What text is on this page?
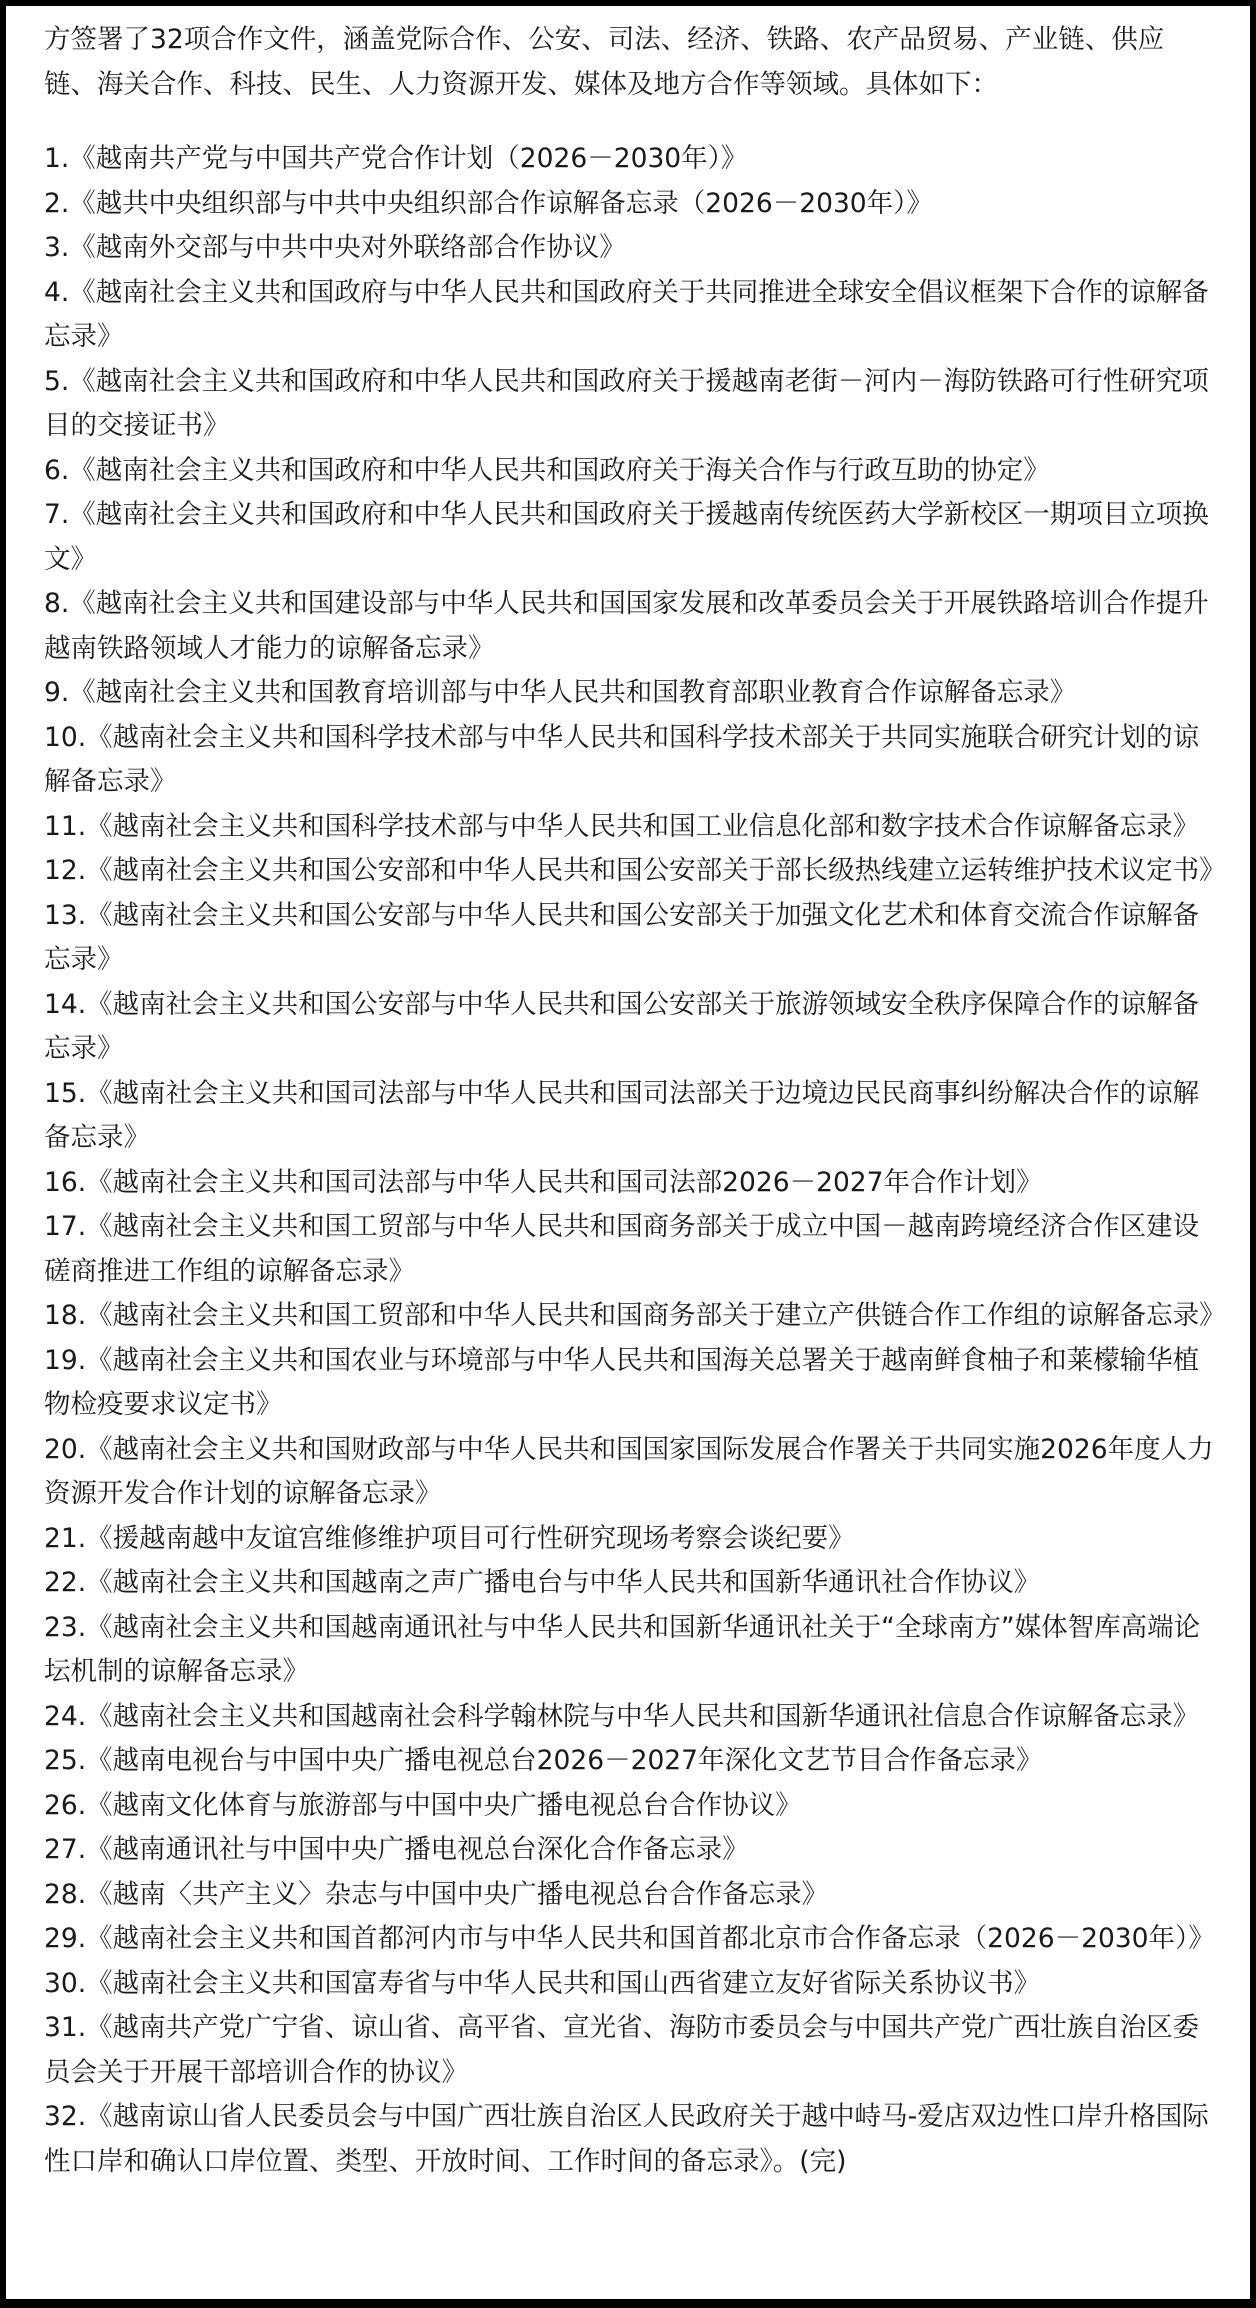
方签署了32项合作文件，涵盖党际合作、公安、司法、经济、铁路、农产品贸易、产业链、供应链、海关合作、科技、民生、人力资源开发、媒体及地方合作等领域。具体如下：

1.《越南共产党与中国共产党合作计划（2026－2030年）》

2.《越共中央组织部与中共中央组织部合作谅解备忘录（2026－2030年）》

3.《越南外交部与中共中央对外联络部合作协议》

4.《越南社会主义共和国政府与中华人民共和国政府关于共同推进全球安全倡议框架下合作的谅解备忘录》

5.《越南社会主义共和国政府和中华人民共和国政府关于援越南老街－河内－海防铁路可行性研究项目的交接证书》

6.《越南社会主义共和国政府和中华人民共和国政府关于海关合作与行政互助的协定》

7.《越南社会主义共和国政府和中华人民共和国政府关于援越南传统医药大学新校区一期项目立项换文》

8.《越南社会主义共和国建设部与中华人民共和国国家发展和改革委员会关于开展铁路培训合作提升越南铁路领域人才能力的谅解备忘录》

9.《越南社会主义共和国教育培训部与中华人民共和国教育部职业教育合作谅解备忘录》

10.《越南社会主义共和国科学技术部与中华人民共和国科学技术部关于共同实施联合研究计划的谅解备忘录》

11.《越南社会主义共和国科学技术部与中华人民共和国工业信息化部和数字技术合作谅解备忘录》

12.《越南社会主义共和国公安部和中华人民共和国公安部关于部长级热线建立运转维护技术议定书》

13.《越南社会主义共和国公安部与中华人民共和国公安部关于加强文化艺术和体育交流合作谅解备忘录》

14.《越南社会主义共和国公安部与中华人民共和国公安部关于旅游领域安全秩序保障合作的谅解备忘录》

15.《越南社会主义共和国司法部与中华人民共和国司法部关于边境边民民商事纠纷解决合作的谅解备忘录》

16.《越南社会主义共和国司法部与中华人民共和国司法部2026－2027年合作计划》

17.《越南社会主义共和国工贸部与中华人民共和国商务部关于成立中国－越南跨境经济合作区建设磋商推进工作组的谅解备忘录》

18.《越南社会主义共和国工贸部和中华人民共和国商务部关于建立产供链合作工作组的谅解备忘录》

19.《越南社会主义共和国农业与环境部与中华人民共和国海关总署关于越南鲜食柚子和莱檬输华植物检疫要求议定书》

20.《越南社会主义共和国财政部与中华人民共和国国家国际发展合作署关于共同实施2026年度人力资源开发合作计划的谅解备忘录》

21.《援越南越中友谊宫维修维护项目可行性研究现场考察会谈纪要》

22.《越南社会主义共和国越南之声广播电台与中华人民共和国新华通讯社合作协议》

23.《越南社会主义共和国越南通讯社与中华人民共和国新华通讯社关于“全球南方”媒体智库高端论坛机制的谅解备忘录》

24.《越南社会主义共和国越南社会科学翰林院与中华人民共和国新华通讯社信息合作谅解备忘录》

25.《越南电视台与中国中央广播电视总台2026－2027年深化文艺节目合作备忘录》

26.《越南文化体育与旅游部与中国中央广播电视总台合作协议》

27.《越南通讯社与中国中央广播电视总台深化合作备忘录》

28.《越南〈共产主义〉杂志与中国中央广播电视总台合作备忘录》

29.《越南社会主义共和国首都河内市与中华人民共和国首都北京市合作备忘录（2026－2030年）》

30.《越南社会主义共和国富寿省与中华人民共和国山西省建立友好省际关系协议书》

31.《越南共产党广宁省、谅山省、高平省、宣光省、海防市委员会与中国共产党广西壮族自治区委员会关于开展干部培训合作的协议》

32.《越南谅山省人民委员会与中国广西壮族自治区人民政府关于越中峙马-爱店双边性口岸升格国际性口岸和确认口岸位置、类型、开放时间、工作时间的备忘录》。(完)
